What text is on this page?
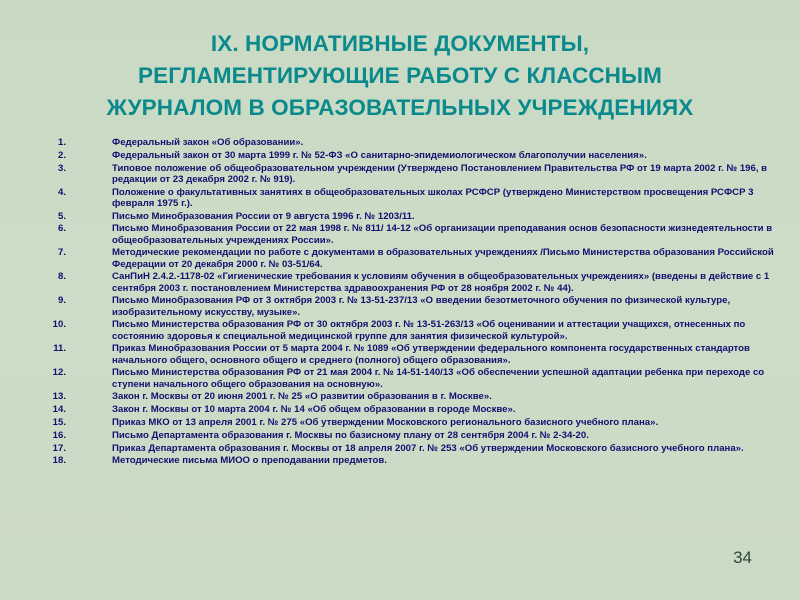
IX. НОРМАТИВНЫЕ ДОКУМЕНТЫ,
РЕГЛАМЕНТИРУЮЩИЕ РАБОТУ С КЛАССНЫМ
ЖУРНАЛОМ В ОБРАЗОВАТЕЛЬНЫХ УЧРЕЖДЕНИЯХ
1.	Федеральный закон «Об образовании».
2.	Федеральный закон от 30 марта 1999 г. № 52-ФЗ «О санитарно-эпидемиологическом благополучии населения».
3.	Типовое положение об общеобразовательном учреждении (Утверждено Постановлением Правительства РФ от 19 марта 2002 г. № 196, в редакции от 23 декабря 2002 г. № 919).
4.	Положение о факультативных занятиях в общеобразовательных школах РСФСР (утверждено Министерством просвещения РСФСР 3 февраля 1975 г.).
5.	Письмо Минобразования России от 9 августа 1996 г. № 1203/11.
6.	Письмо Минобразования России от 22 мая 1998 г. № 811/ 14-12 «Об организации преподавания основ безопасности жизнедеятельности в общеобразовательных учреждениях России».
7.	Методические рекомендации по работе с документами в образовательных учреждениях /Письмо Министерства образования Российской Федерации от 20 декабря 2000 г. № 03-51/64.
8.	СанПиН 2.4.2.-1178-02 «Гигиенические требования к условиям обучения в общеобразовательных учреждениях» (введены в действие с 1 сентября 2003 г. постановлением Министерства здравоохранения РФ от 28 ноября 2002 г. № 44).
9.	Письмо Минобразования РФ от 3 октября 2003 г. № 13-51-237/13 «О введении безотметочного обучения по физической культуре, изобразительному искусству, музыке».
10.	Письмо Министерства образования РФ от 30 октября 2003 г. № 13-51-263/13 «Об оценивании и аттестации учащихся, отнесенных по состоянию здоровья к специальной медицинской группе для занятия физической культурой».
11.	Приказ Минобразования России от 5 марта 2004 г. № 1089 «Об утверждении федерального компонента государственных стандартов начального общего, основного общего и среднего (полного) общего образования».
12.	Письмо Министерства образования РФ от 21 мая 2004 г. № 14-51-140/13 «Об обеспечении успешной адаптации ребенка при переходе со ступени начального общего образования на основную».
13.	Закон г. Москвы от 20 июня 2001 г. № 25 «О развитии образования в г. Москве».
14.	Закон г. Москвы от 10 марта 2004 г. № 14 «Об общем образовании в городе Москве».
15.	Приказ МКО от 13 апреля 2001 г. № 275 «Об утверждении Московского регионального базисного учебного плана».
16.	Письмо Департамента образования г. Москвы по базисному плану от 28 сентября 2004 г. № 2-34-20.
17.	Приказ Департамента образования г. Москвы от 18 апреля 2007 г. № 253 «Об утверждении Московского базисного учебного плана».
18.	Методические письма МИОО о преподавании предметов.
34
